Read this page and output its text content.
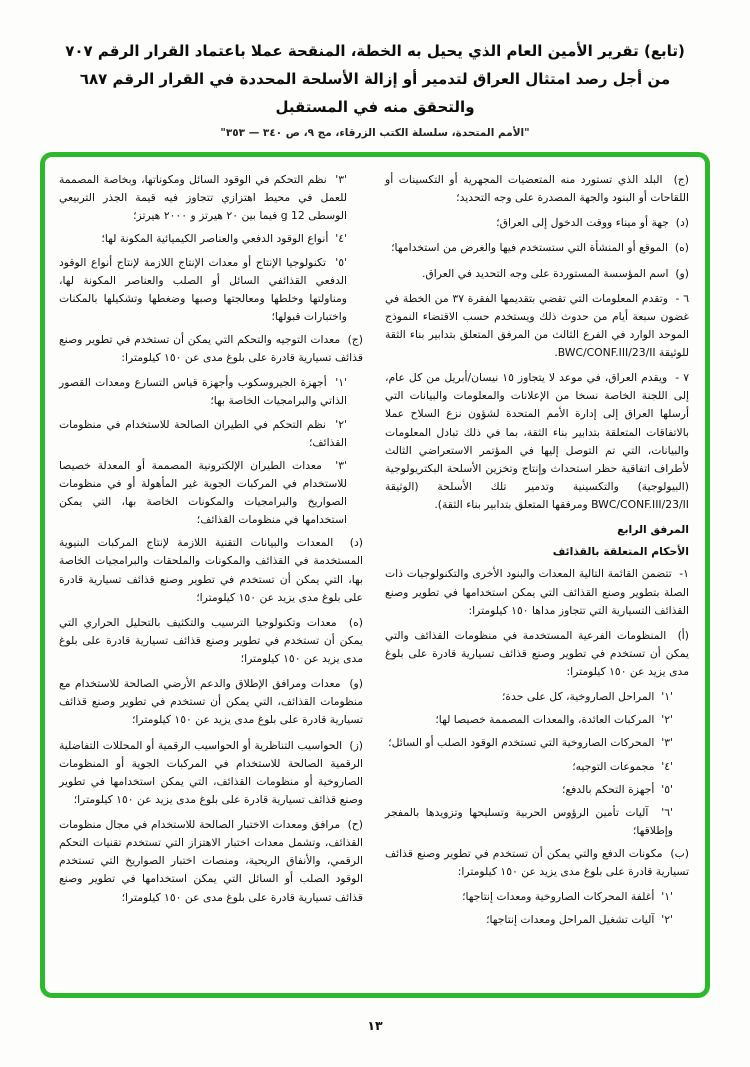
(تابع) تقرير الأمين العام الذي يحيل به الخطة، المنقحة عملا باعتماد القرار الرقم ٧٠٧
من أجل رصد امتثال العراق لتدمير أو إزالة الأسلحة المحددة في القرار الرقم ٦٨٧
والتحقق منه في المستقبل
"الأمم المتحدة، سلسلة الكتب الزرقاء، مج ٩، ص ٣٤٠ — ٣٥٣"
(ج)  البلد الذي تستورد منه المتعضيات المجهرية أو التكسينات أو اللقاحات أو البنود والجهة المصدرة على وجه التحديد؛
(د)  جهة أو ميناء ووقت الدخول إلى العراق؛
(ه)  الموقع أو المنشأة التي ستستخدم فيها والغرض من استخدامها؛
(و)  اسم المؤسسة المستوردة على وجه التحديد في العراق.
٦ -  وتقدم المعلومات التي تقضي بتقديمها الفقرة ٣٧ من الخطة في غضون سبعة أيام من حدوث ذلك ويستخدم حسب الاقتضاء النموذج الموحد الوارد في الفرع الثالث من المرفق المتعلق بتدابير بناء الثقة للوثيقة BWC/CONF.III/23/II.
٧ -  ويقدم العراق، في موعد لا يتجاوز ١٥ نيسان/أبريل من كل عام، إلى اللجنة الخاصة نسخا من الإعلانات والمعلومات والبيانات التي أرسلها العراق إلى إدارة الأمم المتحدة لشؤون نزع السلاح عملا بالاتفاقات المتعلقة بتدابير بناء الثقة، بما في ذلك تبادل المعلومات والبيانات، التي تم التوصل إليها في المؤتمر الاستعراضي الثالث لأطراف اتفاقية حظر استحداث وإنتاج وتخزين الأسلحة البكتريولوجية (البيولوجية) والتكسينية وتدمير تلك الأسلحة (الوثيقة BWC/CONF.III/23/II ومرفقها المتعلق بتدابير بناء الثقة).
المرفق الرابع
الأحكام المتعلقة بالقذائف
١-  تتضمن القائمة التالية المعدات والبنود الأخرى والتكنولوجيات ذات الصلة بتطوير وصنع القذائف التي يمكن استخدامها في تطوير وصنع القذائف التسيارية التي تتجاوز مداها ١٥٠ كيلومترا:
(أ)  المنظومات الفرعية المستخدمة في منظومات القذائف والتي يمكن أن تستخدم في تطوير وصنع قذائف تسيارية قادرة على بلوغ مدى يزيد عن ١٥٠ كيلومترا:
'١'  المراحل الصاروخية، كل على حدة؛
'٢'  المركبات العائدة، والمعدات المصممة خصيصا لها؛
'٣'  المحركات الصاروخية التي تستخدم الوقود الصلب أو السائل؛
'٤'  مجموعات التوجيه؛
'٥'  أجهزة التحكم بالدفع؛
'٦'  آليات تأمين الرؤوس الحربية وتسليحها وتزويدها بالمفجر وإطلاقها؛
(ب)  مكونات الدفع والتي يمكن أن تستخدم في تطوير وصنع قذائف تسيارية قادرة على بلوغ مدى يزيد عن ١٥٠ كيلومترا:
'١'  أغلفة المحركات الصاروخية ومعدات إنتاجها؛
'٢'  آليات تشغيل المراحل ومعدات إنتاجها؛
'٣'  نظم التحكم في الوقود السائل ومكوناتها، وبخاصة المصممة للعمل في محيط اهتزازي تتجاوز فيه قيمة الجذر التربيعي الوسطى 12 g فيما بين ٢٠ هيرتز و ٢٠٠٠ هيرتز؛
'٤'  أنواع الوقود الدفعي والعناصر الكيميائية المكونة لها؛
'٥'  تكنولوجيا الإنتاج أو معدات الإنتاج اللازمة لإنتاج أنواع الوقود الدفعي القذائفي السائل أو الصلب والعناصر المكونة لها، ومناولتها وخلطها ومعالجتها وصبها وضغطها وتشكيلها بالمكنات واختبارات قبولها؛
(ج)  معدات التوجيه والتحكم التي يمكن أن تستخدم في تطوير وصنع قذائف تسيارية قادرة على بلوغ مدى عن ١٥٠ كيلومترا:
'١'  أجهزة الجيروسكوب وأجهزة قياس التسارع ومعدات القصور الذاتي والبرامجيات الخاصة بها؛
'٢'  نظم التحكم في الطيران الصالحة للاستخدام في منظومات القذائف؛
'٣'  معدات الطيران الإلكترونية المصممة أو المعدلة خصيصا للاستخدام في المركبات الجوية غير المأهولة أو في منظومات الصواريخ والبرامجيات والمكونات الخاصة بها، التي يمكن استخدامها في منظومات القذائف؛
(د)  المعدات والبيانات التقنية اللازمة لإنتاج المركبات البنيوية المستخدمة في القذائف والمكونات والملحقات والبرامجيات الخاصة بها، التي يمكن أن تستخدم في تطوير وصنع قذائف تسيارية قادرة على بلوغ مدى يزيد عن ١٥٠ كيلومترا؛
(ه)  معدات وتكنولوجيا الترسيب والتكثيف بالتحليل الحراري التي يمكن أن تستخدم في تطوير وصنع قذائف تسيارية قادرة على بلوغ مدى يزيد عن ١٥٠ كيلومترا؛
(و)  معدات ومرافق الإطلاق والدعم الأرضي الصالحة للاستخدام مع منظومات القذائف، التي يمكن أن تستخدم في تطوير وصنع قذائف تسيارية قادرة على بلوغ مدى يزيد عن ١٥٠ كيلومترا؛
(ز)  الحواسيب التناظرية أو الحواسيب الرقمية أو المحللات التفاضلية الرقمية الصالحة للاستخدام في المركبات الجوية أو المنظومات الصاروخية أو منظومات القذائف، التي يمكن استخدامها في تطوير وصنع قذائف تسيارية قادرة على بلوغ مدى يزيد عن ١٥٠ كيلومترا؛
(ح)  مرافق ومعدات الاختبار الصالحة للاستخدام في مجال منظومات القذائف، وتشمل معدات اختبار الاهتزاز التي تستخدم تقنيات التحكم الرقمي، والأنفاق الريحية، ومنصات اختبار الصواريخ التي تستخدم الوقود الصلب أو السائل التي يمكن استخدامها في تطوير وصنع قذائف تسيارية قادرة على بلوغ مدى عن ١٥٠ كيلومترا؛
١٣
